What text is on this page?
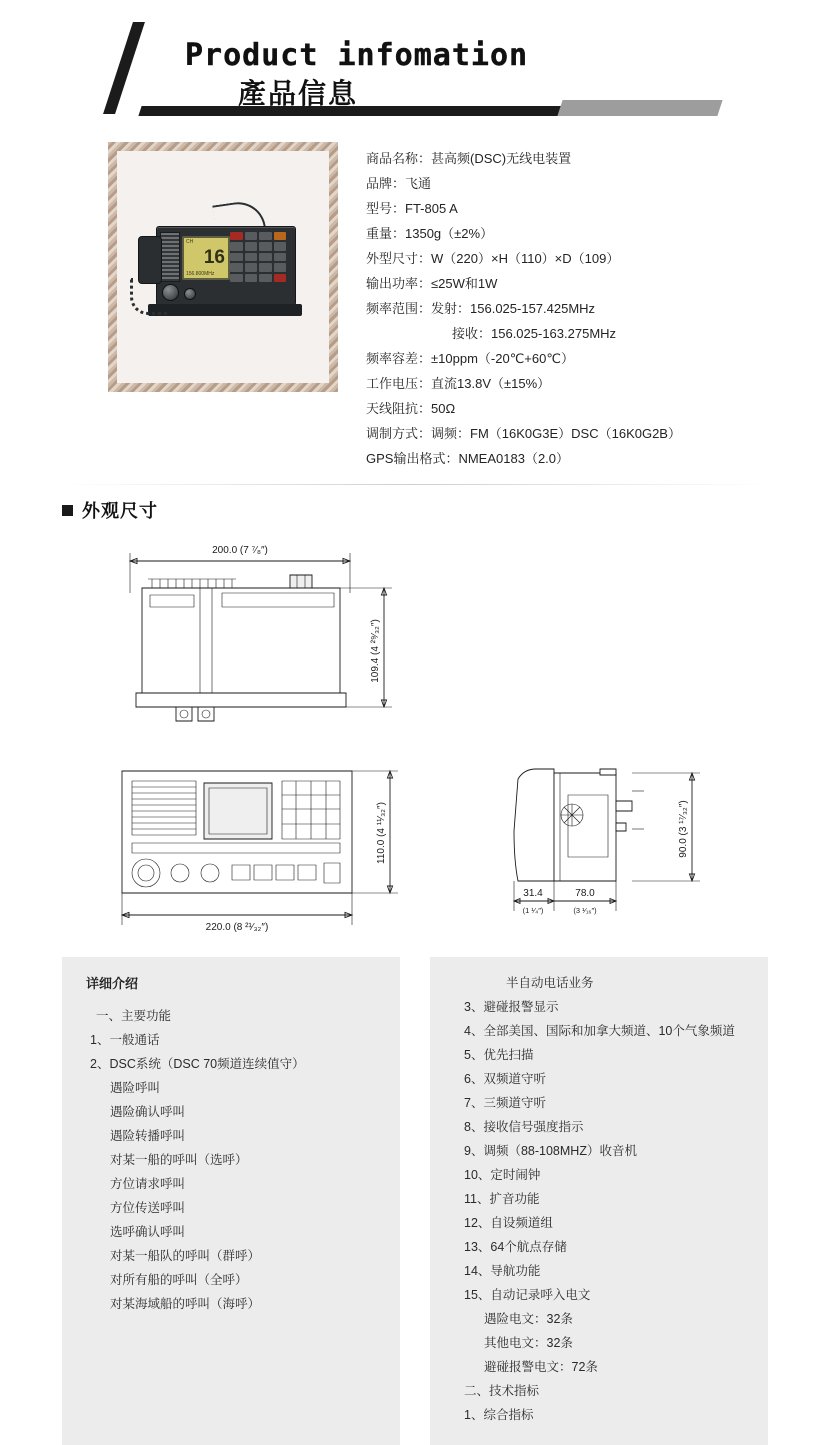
Product infomation
產品信息
CH
16
156.800MHz
商品名称：甚高频(DSC)无线电装置
品牌：飞通
型号：FT-805 A
重量：1350g（±2%）
外型尺寸：W（220）×H（110）×D（109）
输出功率：≤25W和1W
频率范围：发射：156.025-157.425MHz
接收：156.025-163.275MHz
频率容差：±10ppm（-20℃+60℃）
工作电压：直流13.8V（±15%）
天线阻抗：50Ω
调制方式：调频：FM（16K0G3E）DSC（16K0G2B）
GPS输出格式：NMEA0183（2.0）
外观尺寸
200.0 (7 ⁷⁄₈″)
109.4 (4 ²⁹⁄₃₂″)
110.0 (4 ¹¹⁄₃₂″)
220.0 (8 ²¹⁄₃₂″)
90.0 (3 ¹⁷⁄₃₂″)
31.4
(1 ¹⁄₄″)
78.0
(3 ¹⁄₁₆″)
详细介绍
一、主要功能
1、一般通话
2、DSC系统（DSC 70频道连续值守）
遇险呼叫
遇险确认呼叫
遇险转播呼叫
对某一船的呼叫（选呼）
方位请求呼叫
方位传送呼叫
选呼确认呼叫
对某一船队的呼叫（群呼）
对所有船的呼叫（全呼）
对某海域船的呼叫（海呼）
半自动电话业务
3、避碰报警显示
4、全部美国、国际和加拿大频道、10个气象频道
5、优先扫描
6、双频道守听
7、三频道守听
8、接收信号强度指示
9、调频（88-108MHZ）收音机
10、定时闹钟
11、扩音功能
12、自设频道组
13、64个航点存储
14、导航功能
15、自动记录呼入电文
遇险电文：32条
其他电文：32条
避碰报警电文：72条
二、技术指标
1、综合指标
